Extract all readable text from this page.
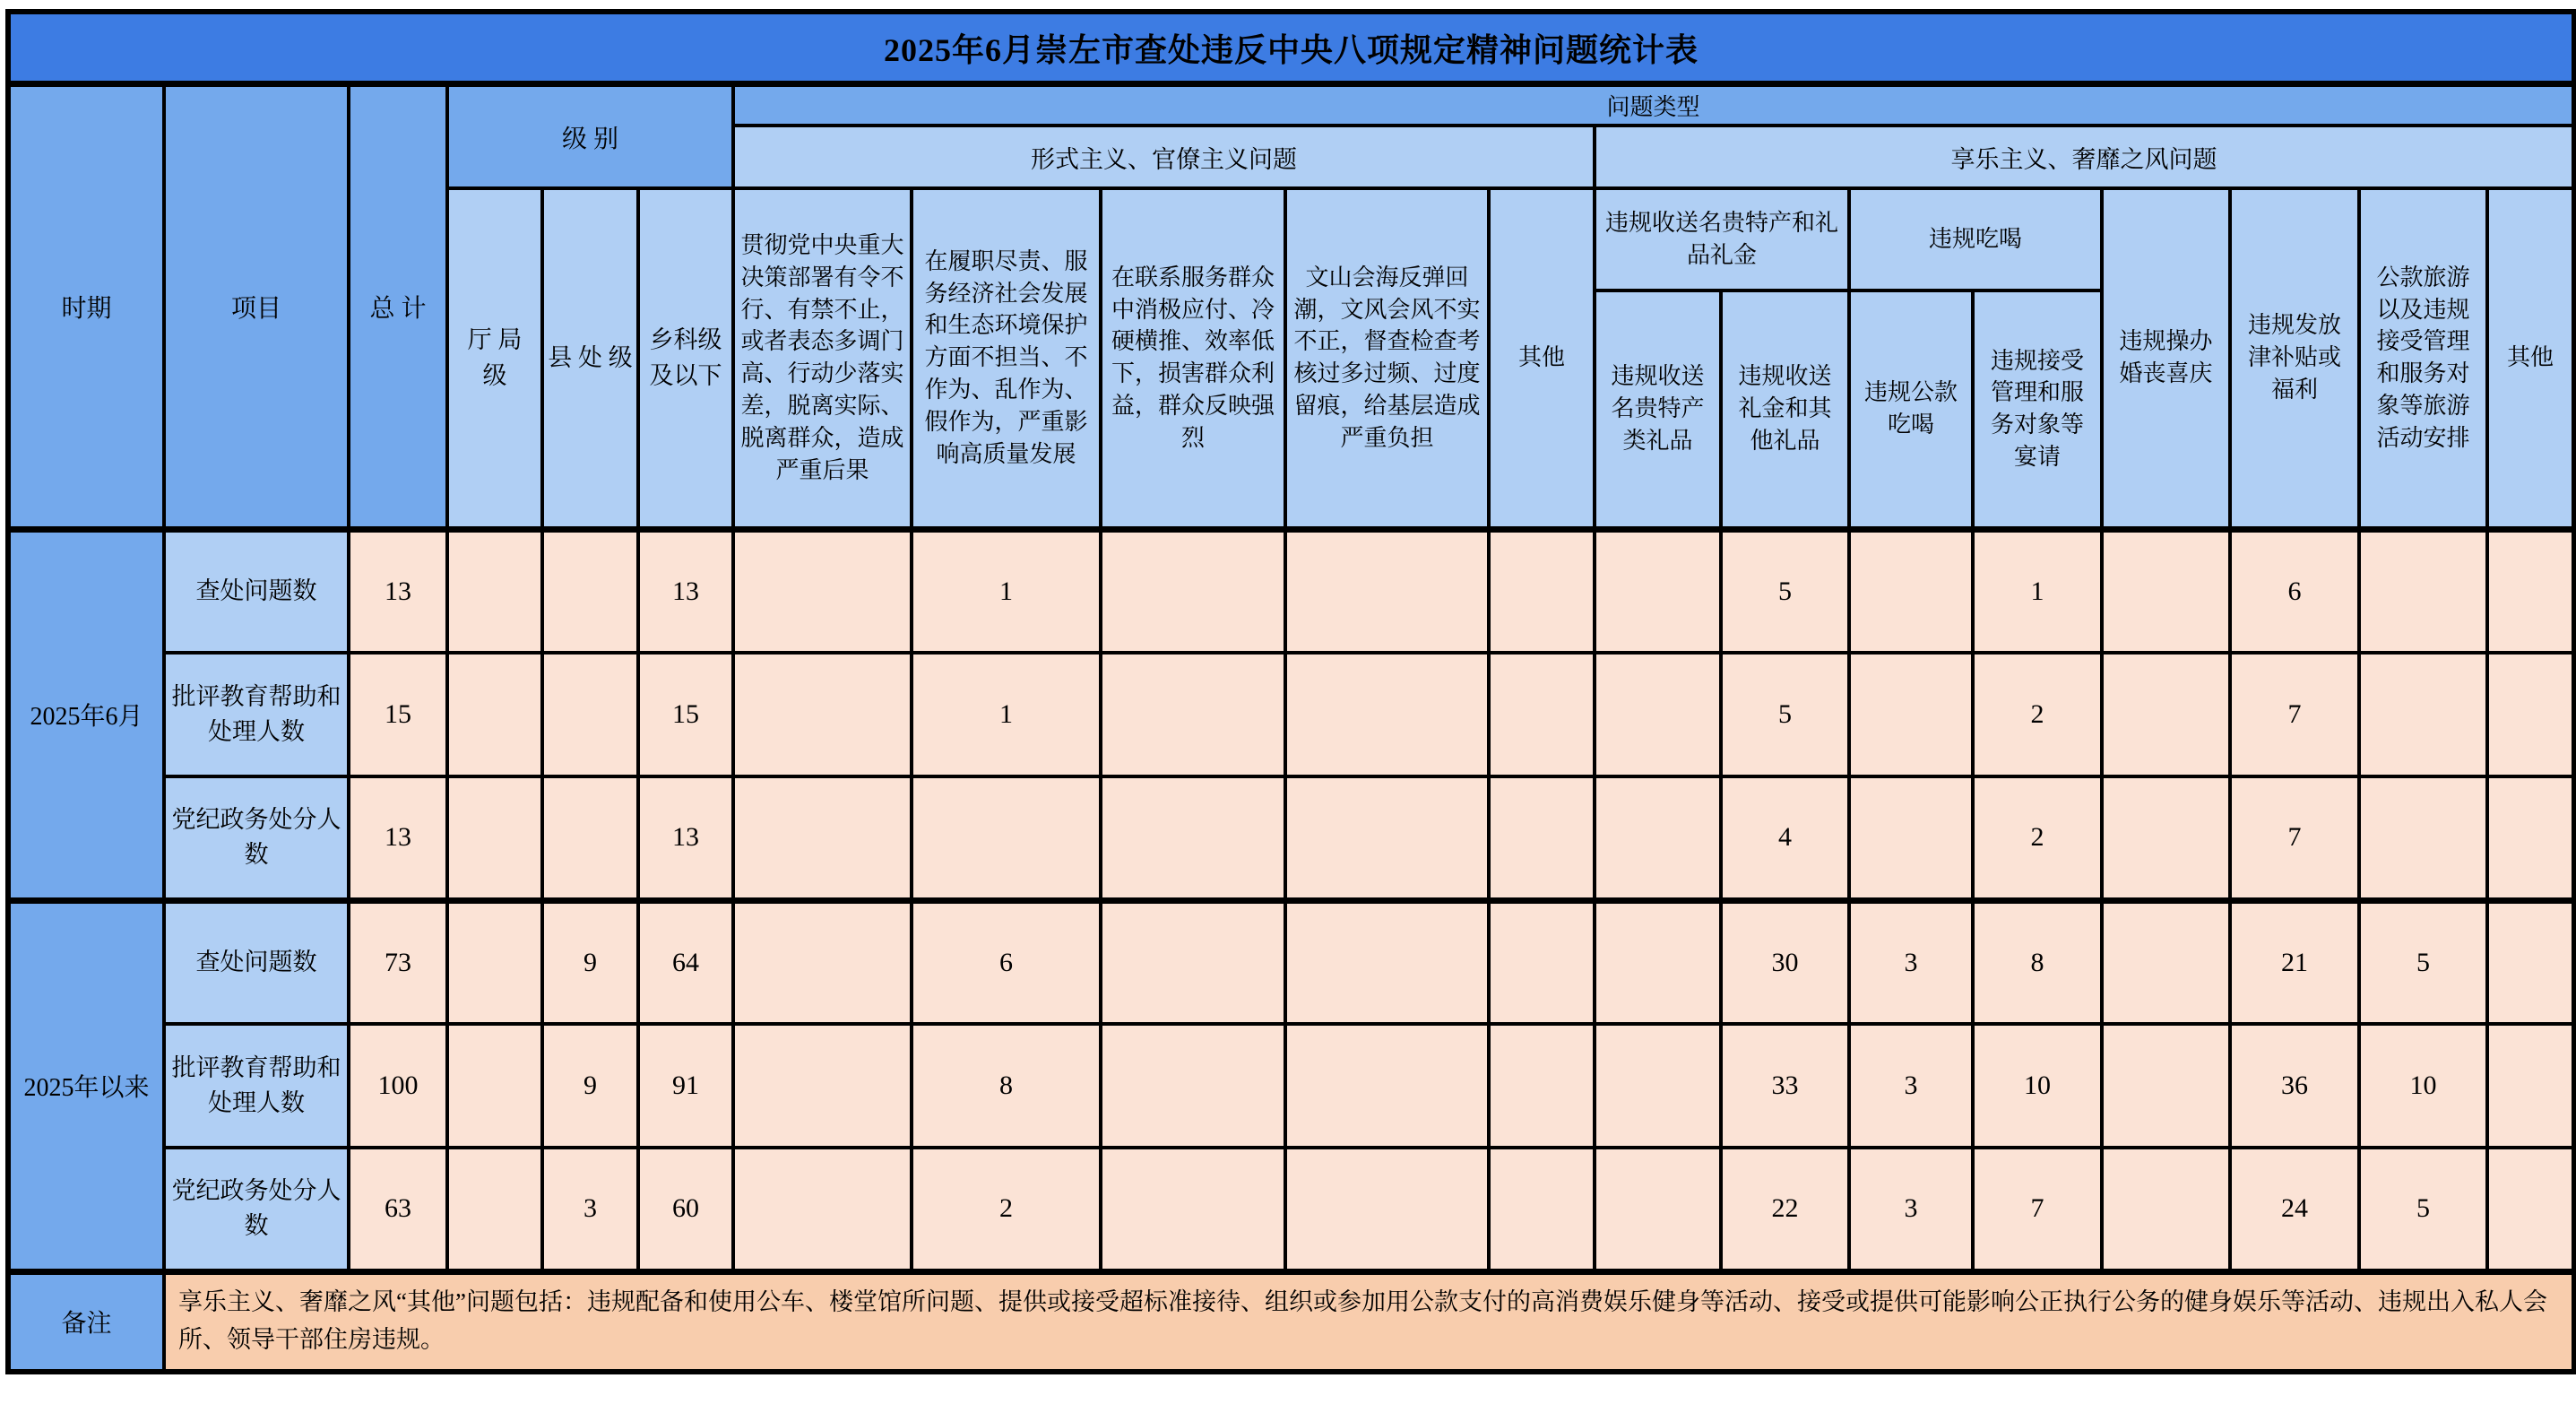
2025年6月崇左市查处违反中央八项规定精神问题统计表																		
时期	项目	总 计	级 别			问题类型												
						形式主义、官僚主义问题					享乐主义、奢靡之风问题							
			厅 局 级	县 处 级	乡科级及以下	贯彻党中央重大决策部署有令不行、有禁不止，或者表态多调门高、行动少落实差，脱离实际、脱离群众，造成严重后果	在履职尽责、服务经济社会发展和生态环境保护方面不担当、不作为、乱作为、假作为，严重影响高质量发展	在联系服务群众中消极应付、冷硬横推、效率低下，损害群众利益，群众反映强烈	文山会海反弹回潮，文风会风不实不正，督查检查考核过多过频、过度留痕，给基层造成严重负担	其他	违规收送名贵特产和礼品礼金		违规吃喝		违规操办婚丧喜庆	违规发放津补贴或福利	公款旅游以及违规接受管理和服务对象等旅游活动安排	其他
											违规收送名贵特产类礼品	违规收送礼金和其他礼品	违规公款吃喝	违规接受管理和服务对象等宴请				
2025年6月	查处问题数	13			13		1					5		1		6		
	批评教育帮助和处理人数	15			15		1					5		2		7		
	党纪政务处分人数	13			13							4		2		7		
2025年以来	查处问题数	73		9	64		6					30	3	8		21	5	
	批评教育帮助和处理人数	100		9	91		8					33	3	10		36	10	
	党纪政务处分人数	63		3	60		2					22	3	7		24	5	
备注	享乐主义、奢靡之风“其他”问题包括：违规配备和使用公车、楼堂馆所问题、提供或接受超标准接待、组织或参加用公款支付的高消费娱乐健身等活动、接受或提供可能影响公正执行公务的健身娱乐等活动、违规出入私人会所、领导干部住房违规。																	
